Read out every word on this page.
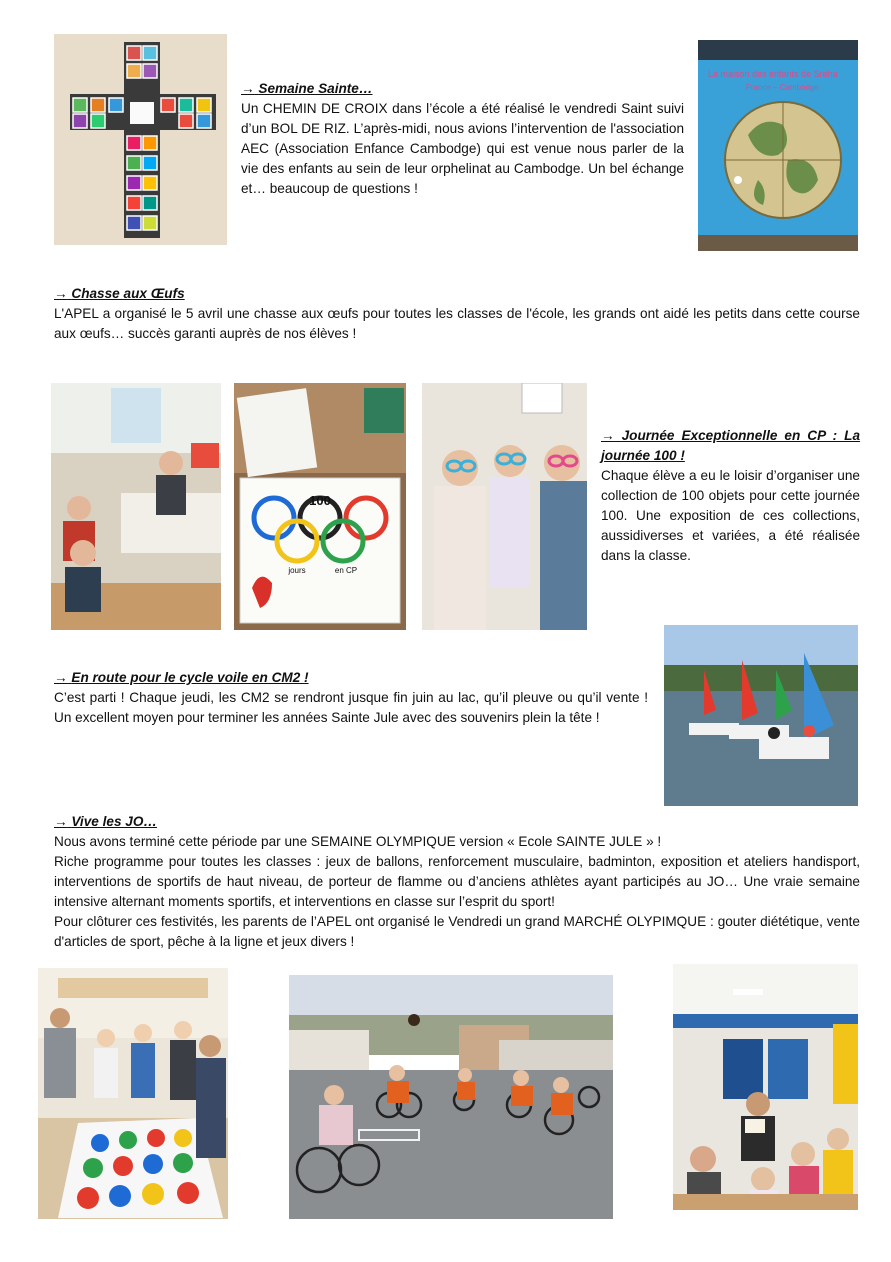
La maison des enfants de Sreha
France – Cambodge

→ Semaine Sainte…

Un CHEMIN DE CROIX dans l’école a été réalisé le vendredi Saint suivi d’un BOL DE RIZ. L’après-midi, nous avions l’intervention de l'association AEC (Association Enfance Cambodge) qui est venue nous parler de la vie des enfants au sein de leur orphelinat au Cambodge. Un bel échange et… beaucoup de questions !

→ Chasse aux Œufs

L'APEL a organisé le 5 avril une chasse aux œufs pour toutes les classes de l'école, les grands ont aidé les petits dans cette course aux œufs… succès garanti auprès de nos élèves !

100
jours	en CP

→ Journée Exceptionnelle en CP : La journée 100 !

Chaque élève a eu le loisir d’organiser une collection de 100 objets pour cette journée 100. Une exposition de ces collections, aussidiverses et variées, a été réalisée dans la classe.

→ En route pour le cycle voile en CM2 !

C’est parti ! Chaque jeudi, les CM2 se rendront jusque fin juin au lac, qu’il pleuve ou qu’il vente ! Un excellent moyen pour terminer les années Sainte Jule avec des souvenirs plein la tête !

→ Vive les JO…

Nous avons terminé cette période par une SEMAINE OLYMPIQUE version « Ecole SAINTE JULE » !

Riche programme pour toutes les classes : jeux de ballons, renforcement musculaire, badminton, exposition et ateliers handisport, interventions de sportifs de haut niveau, de porteur de flamme ou d’anciens athlètes ayant participés au JO… Une vraie semaine intensive alternant moments sportifs, et interventions en classe sur l’esprit du sport!

Pour clôturer ces festivités, les parents de l’APEL ont organisé le Vendredi un grand MARCHÉ OLYPIMQUE : gouter diététique, vente d'articles de sport, pêche à la ligne et jeux divers !
